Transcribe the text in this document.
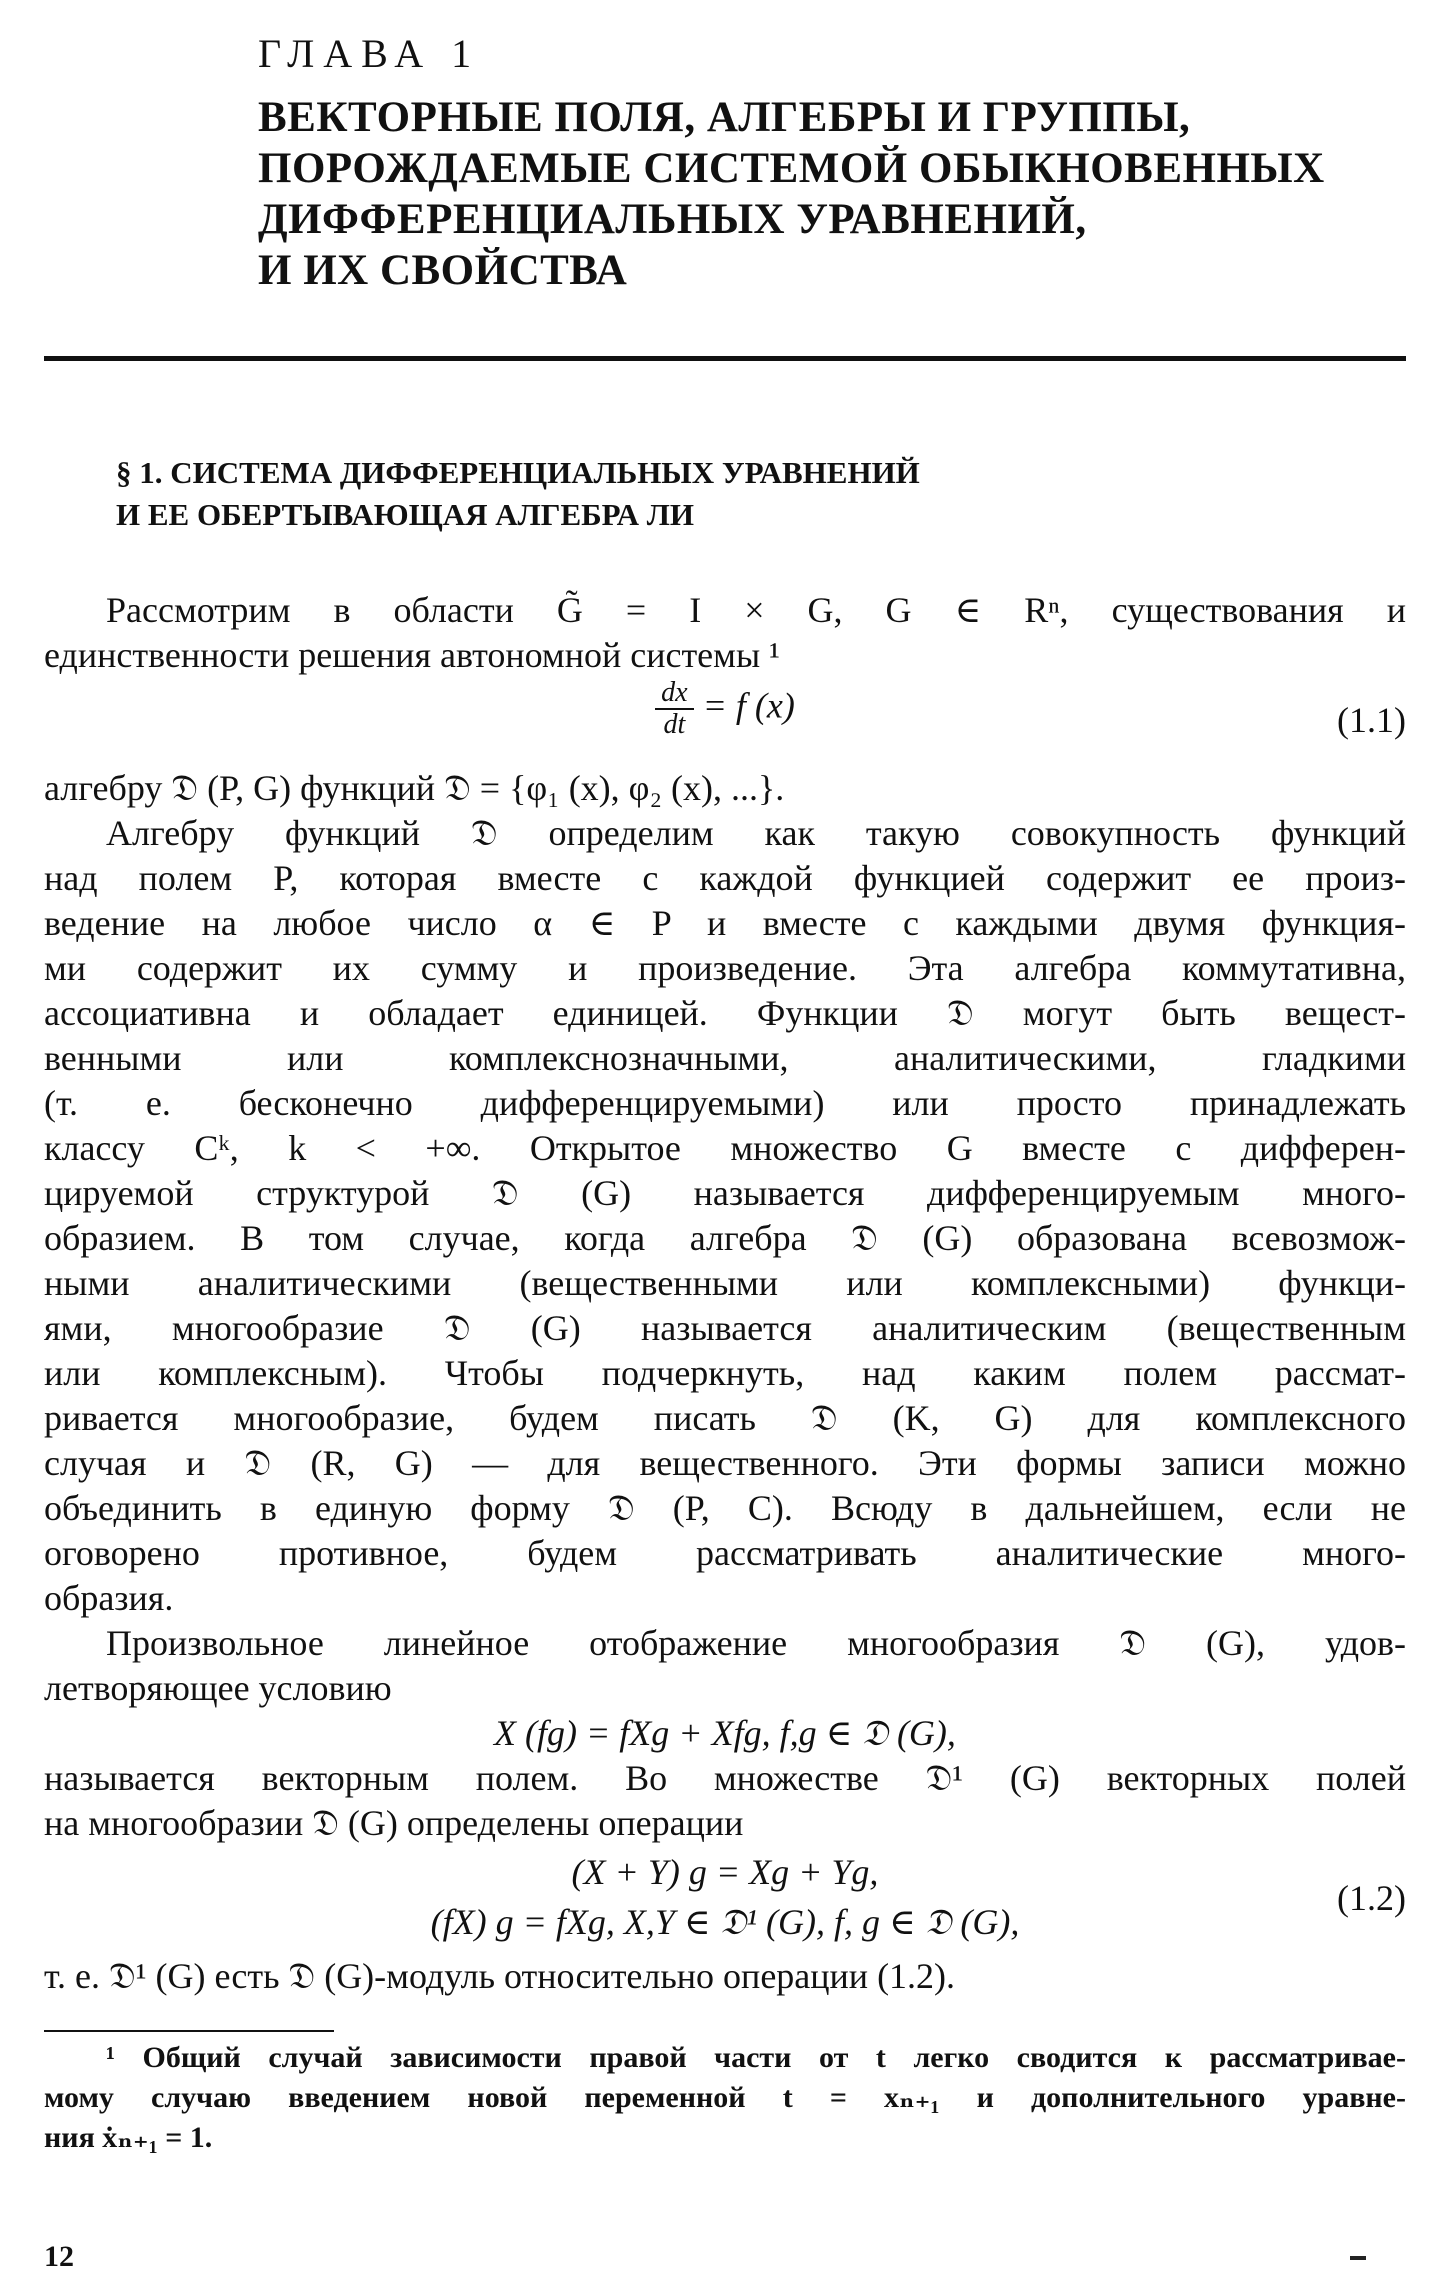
ГЛАВА 1
ВЕКТОРНЫЕ ПОЛЯ, АЛГЕБРЫ И ГРУППЫ,
ПОРОЖДАЕМЫЕ СИСТЕМОЙ ОБЫКНОВЕННЫХ
ДИФФЕРЕНЦИАЛЬНЫХ УРАВНЕНИЙ,
И ИХ СВОЙСТВА
§ 1. СИСТЕМА ДИФФЕРЕНЦИАЛЬНЫХ УРАВНЕНИЙ
И ЕЕ ОБЕРТЫВАЮЩАЯ АЛГЕБРА ЛИ
Рассмотрим в области G̃ = I × G, G ∈ Rⁿ, существования и
единственности решения автономной системы ¹
$\frac{dx}{dt} = f$ (x)	(1.1)
алгебру 𝔇 (P, G) функций 𝔇 = {φ₁ (x), φ₂ (x), ...}.
Алгебру функций 𝔇 определим как такую совокупность функций
над полем P, которая вместе с каждой функцией содержит ее произ-
ведение на любое число α ∈ P и вместе с каждыми двумя функция-
ми содержит их сумму и произведение. Эта алгебра коммутативна,
ассоциативна и обладает единицей. Функции 𝔇 могут быть вещест-
венными или комплекснозначными, аналитическими, гладкими
(т. е. бесконечно дифференцируемыми) или просто принадлежать
классу Cᵏ, k < +∞. Открытое множество G вместе с дифферен-
цируемой структурой 𝔇 (G) называется дифференцируемым много-
образием. В том случае, когда алгебра 𝔇 (G) образована всевозмож-
ными аналитическими (вещественными или комплексными) функци-
ями, многообразие 𝔇 (G) называется аналитическим (вещественным
или комплексным). Чтобы подчеркнуть, над каким полем рассмат-
ривается многообразие, будем писать 𝔇 (K, G) для комплексного
случая и 𝔇 (R, G) — для вещественного. Эти формы записи можно
объединить в единую форму 𝔇 (P, C). Всюду в дальнейшем, если не
оговорено противное, будем рассматривать аналитические много-
образия.
Произвольное линейное отображение многообразия 𝔇 (G), удов-
летворяющее условию
X (fg) = fXg + Xfg, f,g ∈ 𝔇 (G),
называется векторным полем. Во множестве 𝔇¹ (G) векторных полей
на многообразии 𝔇 (G) определены операции
(X + Y) g = Xg + Yg,
(fX) g = fXg, X,Y ∈ 𝔇¹ (G), f, g ∈ 𝔇 (G),
(1.2)
т. е. 𝔇¹ (G) есть 𝔇 (G)-модуль относительно операции (1.2).
¹ Общий случай зависимости правой части от t легко сводится к рассматривае-
мому случаю введением новой переменной t = xₙ₊₁ и дополнительного уравне-
ния ẋₙ₊₁ = 1.
12
